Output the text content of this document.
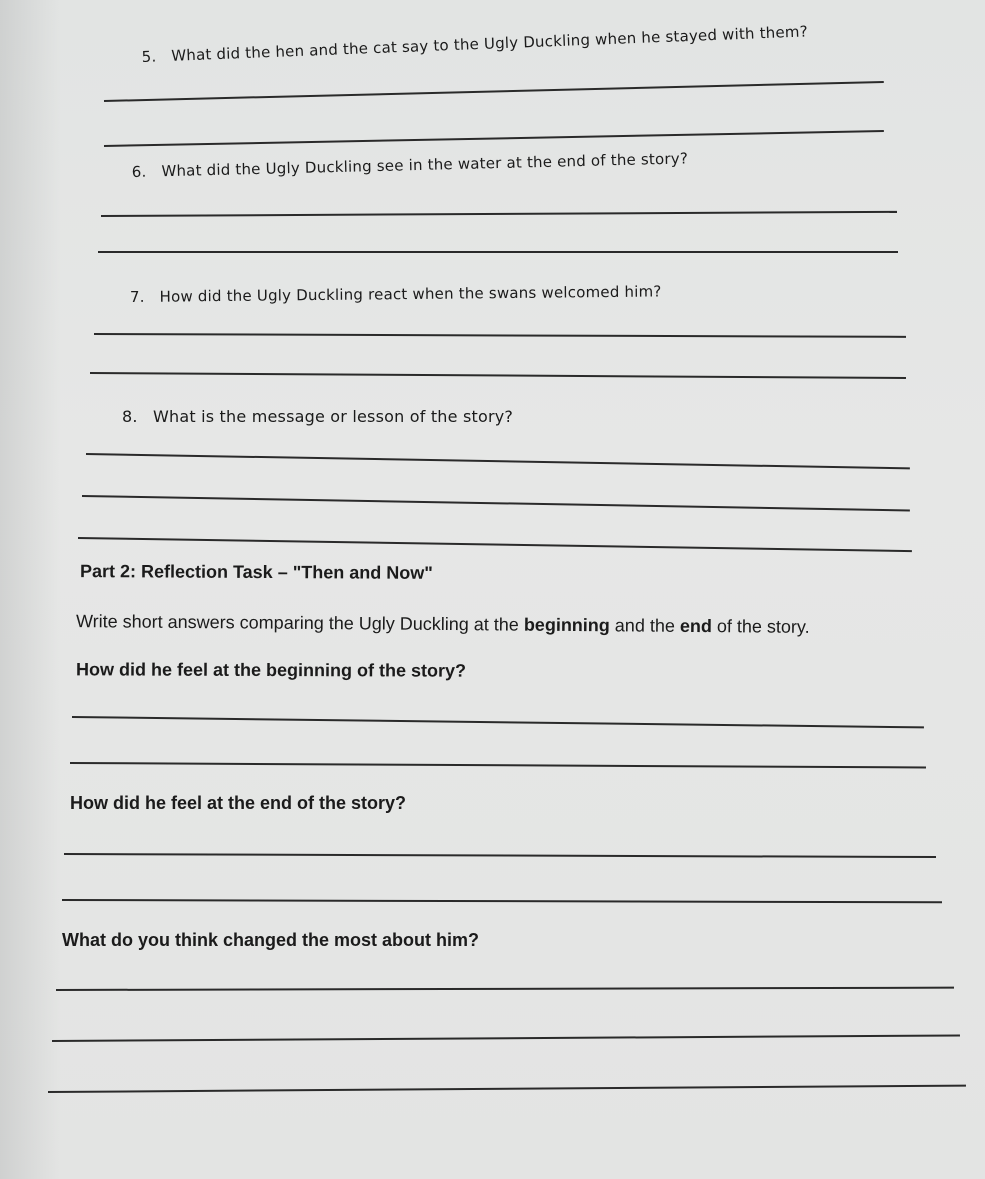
5. What did the hen and the cat say to the Ugly Duckling when he stayed with them?
6. What did the Ugly Duckling see in the water at the end of the story?
7. How did the Ugly Duckling react when the swans welcomed him?
8. What is the message or lesson of the story?
Part 2: Reflection Task – "Then and Now"
Write short answers comparing the Ugly Duckling at the beginning and the end of the story.
How did he feel at the beginning of the story?
How did he feel at the end of the story?
What do you think changed the most about him?
